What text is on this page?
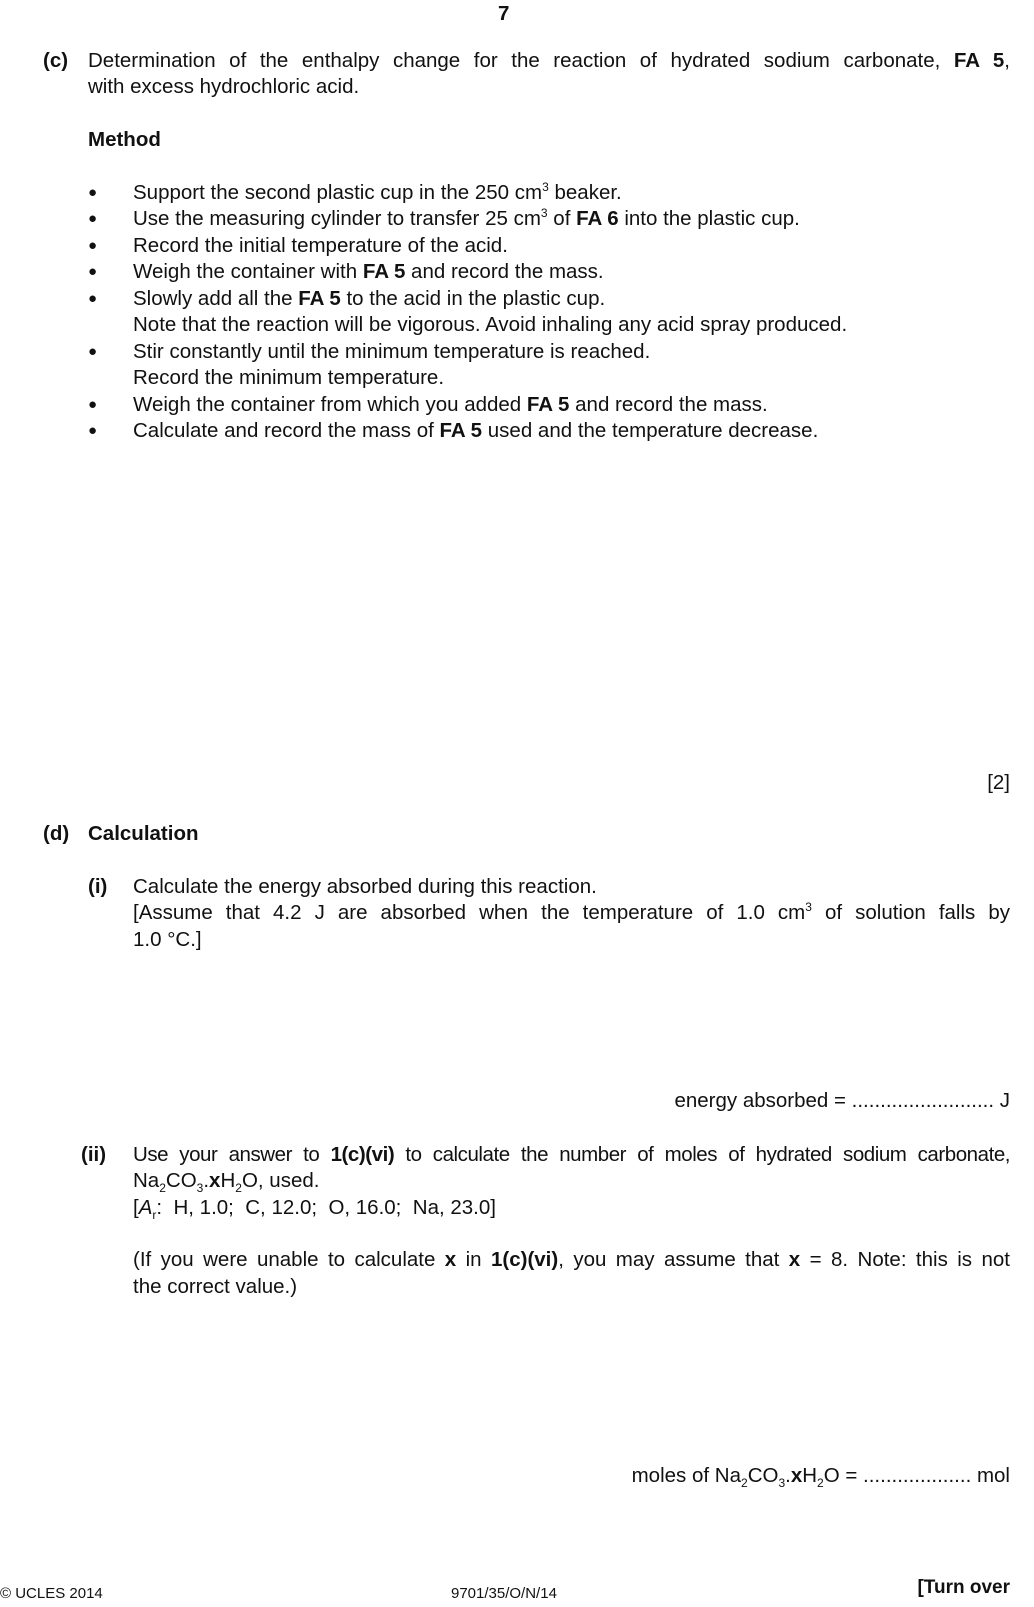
7
(c) Determination of the enthalpy change for the reaction of hydrated sodium carbonate, FA 5,
with excess hydrochloric acid.
Method
● Support the second plastic cup in the 250 $cm^3$ beaker.
● Use the measuring cylinder to transfer 25 $cm^3$ of FA 6 into the plastic cup.
● Record the initial temperature of the acid.
● Weigh the container with FA 5 and record the mass.
● Slowly add all the FA 5 to the acid in the plastic cup.
Note that the reaction will be vigorous. Avoid inhaling any acid spray produced.
● Stir constantly until the minimum temperature is reached.
Record the minimum temperature.
● Weigh the container from which you added FA 5 and record the mass.
● Calculate and record the mass of FA 5 used and the temperature decrease.
[2]
(d) Calculation
(i) Calculate the energy absorbed during this reaction.
[Assume that 4.2 J are absorbed when the temperature of 1.0 $cm^3$ of solution falls by
1.0 °C.]
energy absorbed = ......................... J
(ii) Use your answer to 1(c)(vi) to calculate the number of moles of hydrated sodium carbonate,
$Na_2CO_3.xH_2O$, used.
[$A_r$:  H, 1.0;  C, 12.0;  O, 16.0;  Na, 23.0]
(If you were unable to calculate x in 1(c)(vi), you may assume that x = 8. Note: this is not
the correct value.)
moles of $Na_2CO_3.xH_2O$ = ................... mol
© UCLES 2014	9701/35/O/N/14	[Turn over
